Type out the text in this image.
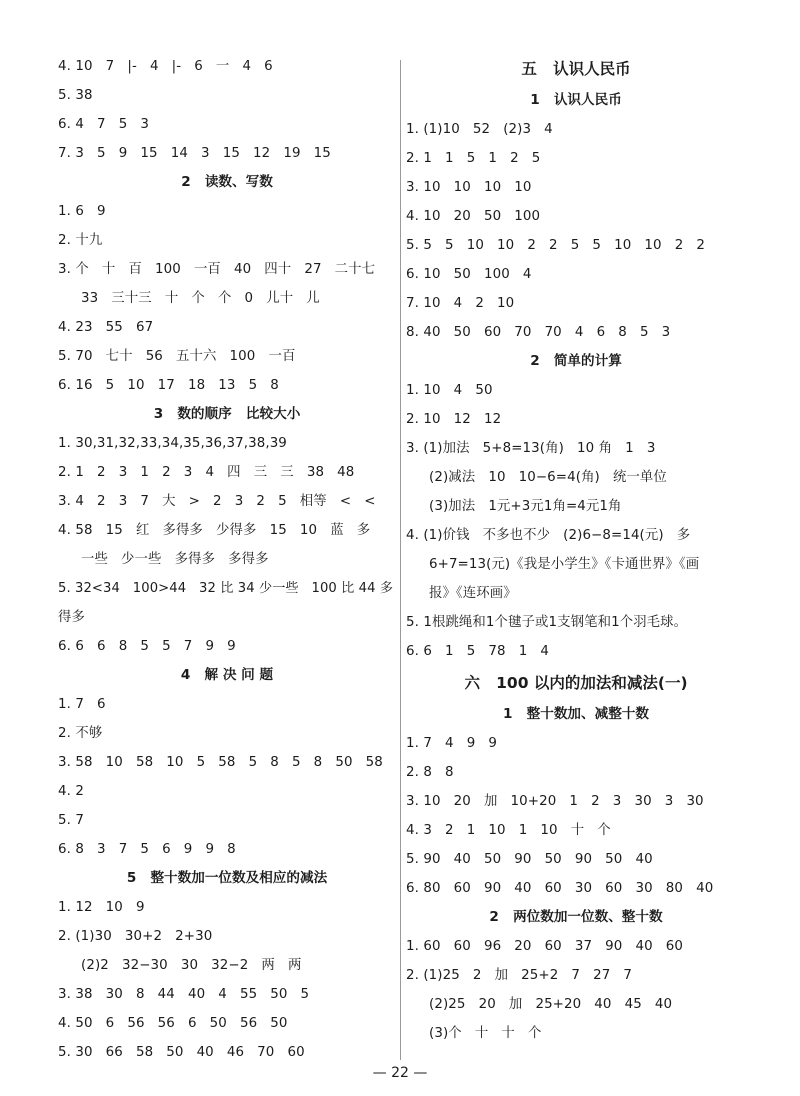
4. 10   7   |-   4   |-   6   一   4   6
5. 38
6. 4   7   5   3
7. 3   5   9   15   14   3   15   12   19   15
2   读数、写数
1. 6   9
2. 十九
3. 个   十   百   100   一百   40   四十   27   二十七
33   三十三   十   个   个   0   儿十   儿
4. 23   55   67
5. 70   七十   56   五十六   100   一百
6. 16   5   10   17   18   13   5   8
3   数的顺序   比较大小
1. 30,31,32,33,34,35,36,37,38,39
2. 1   2   3   1   2   3   4   四   三   三   38   48
3. 4   2   3   7   大   >   2   3   2   5   相等   <   <
4. 58   15   红   多得多   少得多   15   10   蓝   多
一些   少一些   多得多   多得多
5. 32<34   100>44   32 比 34 少一些   100 比 44 多
得多
6. 6   6   8   5   5   7   9   9
4   解 决 问 题
1. 7   6
2. 不够
3. 58   10   58   10   5   58   5   8   5   8   50   58
4. 2
5. 7
6. 8   3   7   5   6   9   9   8
5   整十数加一位数及相应的减法
1. 12   10   9
2. (1)30   30+2   2+30
(2)2   32−30   30   32−2   两   两
3. 38   30   8   44   40   4   55   50   5
4. 50   6   56   56   6   50   56   50
5. 30   66   58   50   40   46   70   60
五   认识人民币
1   认识人民币
1. (1)10   52   (2)3   4
2. 1   1   5   1   2   5
3. 10   10   10   10
4. 10   20   50   100
5. 5   5   10   10   2   2   5   5   10   10   2   2
6. 10   50   100   4
7. 10   4   2   10
8. 40   50   60   70   70   4   6   8   5   3
2   简单的计算
1. 10   4   50
2. 10   12   12
3. (1)加法   5+8=13(角)   10 角   1   3
(2)减法   10   10−6=4(角)   统一单位
(3)加法   1元+3元1角=4元1角
4. (1)价钱   不多也不少   (2)6−8=14(元)   多
6+7=13(元)《我是小学生》《卡通世界》《画
报》《连环画》
5. 1根跳绳和1个毽子或1支钢笔和1个羽毛球。
6. 6   1   5   78   1   4
六   100 以内的加法和减法(一)
1   整十数加、减整十数
1. 7   4   9   9
2. 8   8
3. 10   20   加   10+20   1   2   3   30   3   30
4. 3   2   1   10   1   10   十   个
5. 90   40   50   90   50   90   50   40
6. 80   60   90   40   60   30   60   30   80   40
2   两位数加一位数、整十数
1. 60   60   96   20   60   37   90   40   60
2. (1)25   2   加   25+2   7   27   7
(2)25   20   加   25+20   40   45   40
(3)个   十   十   个
— 22 —
